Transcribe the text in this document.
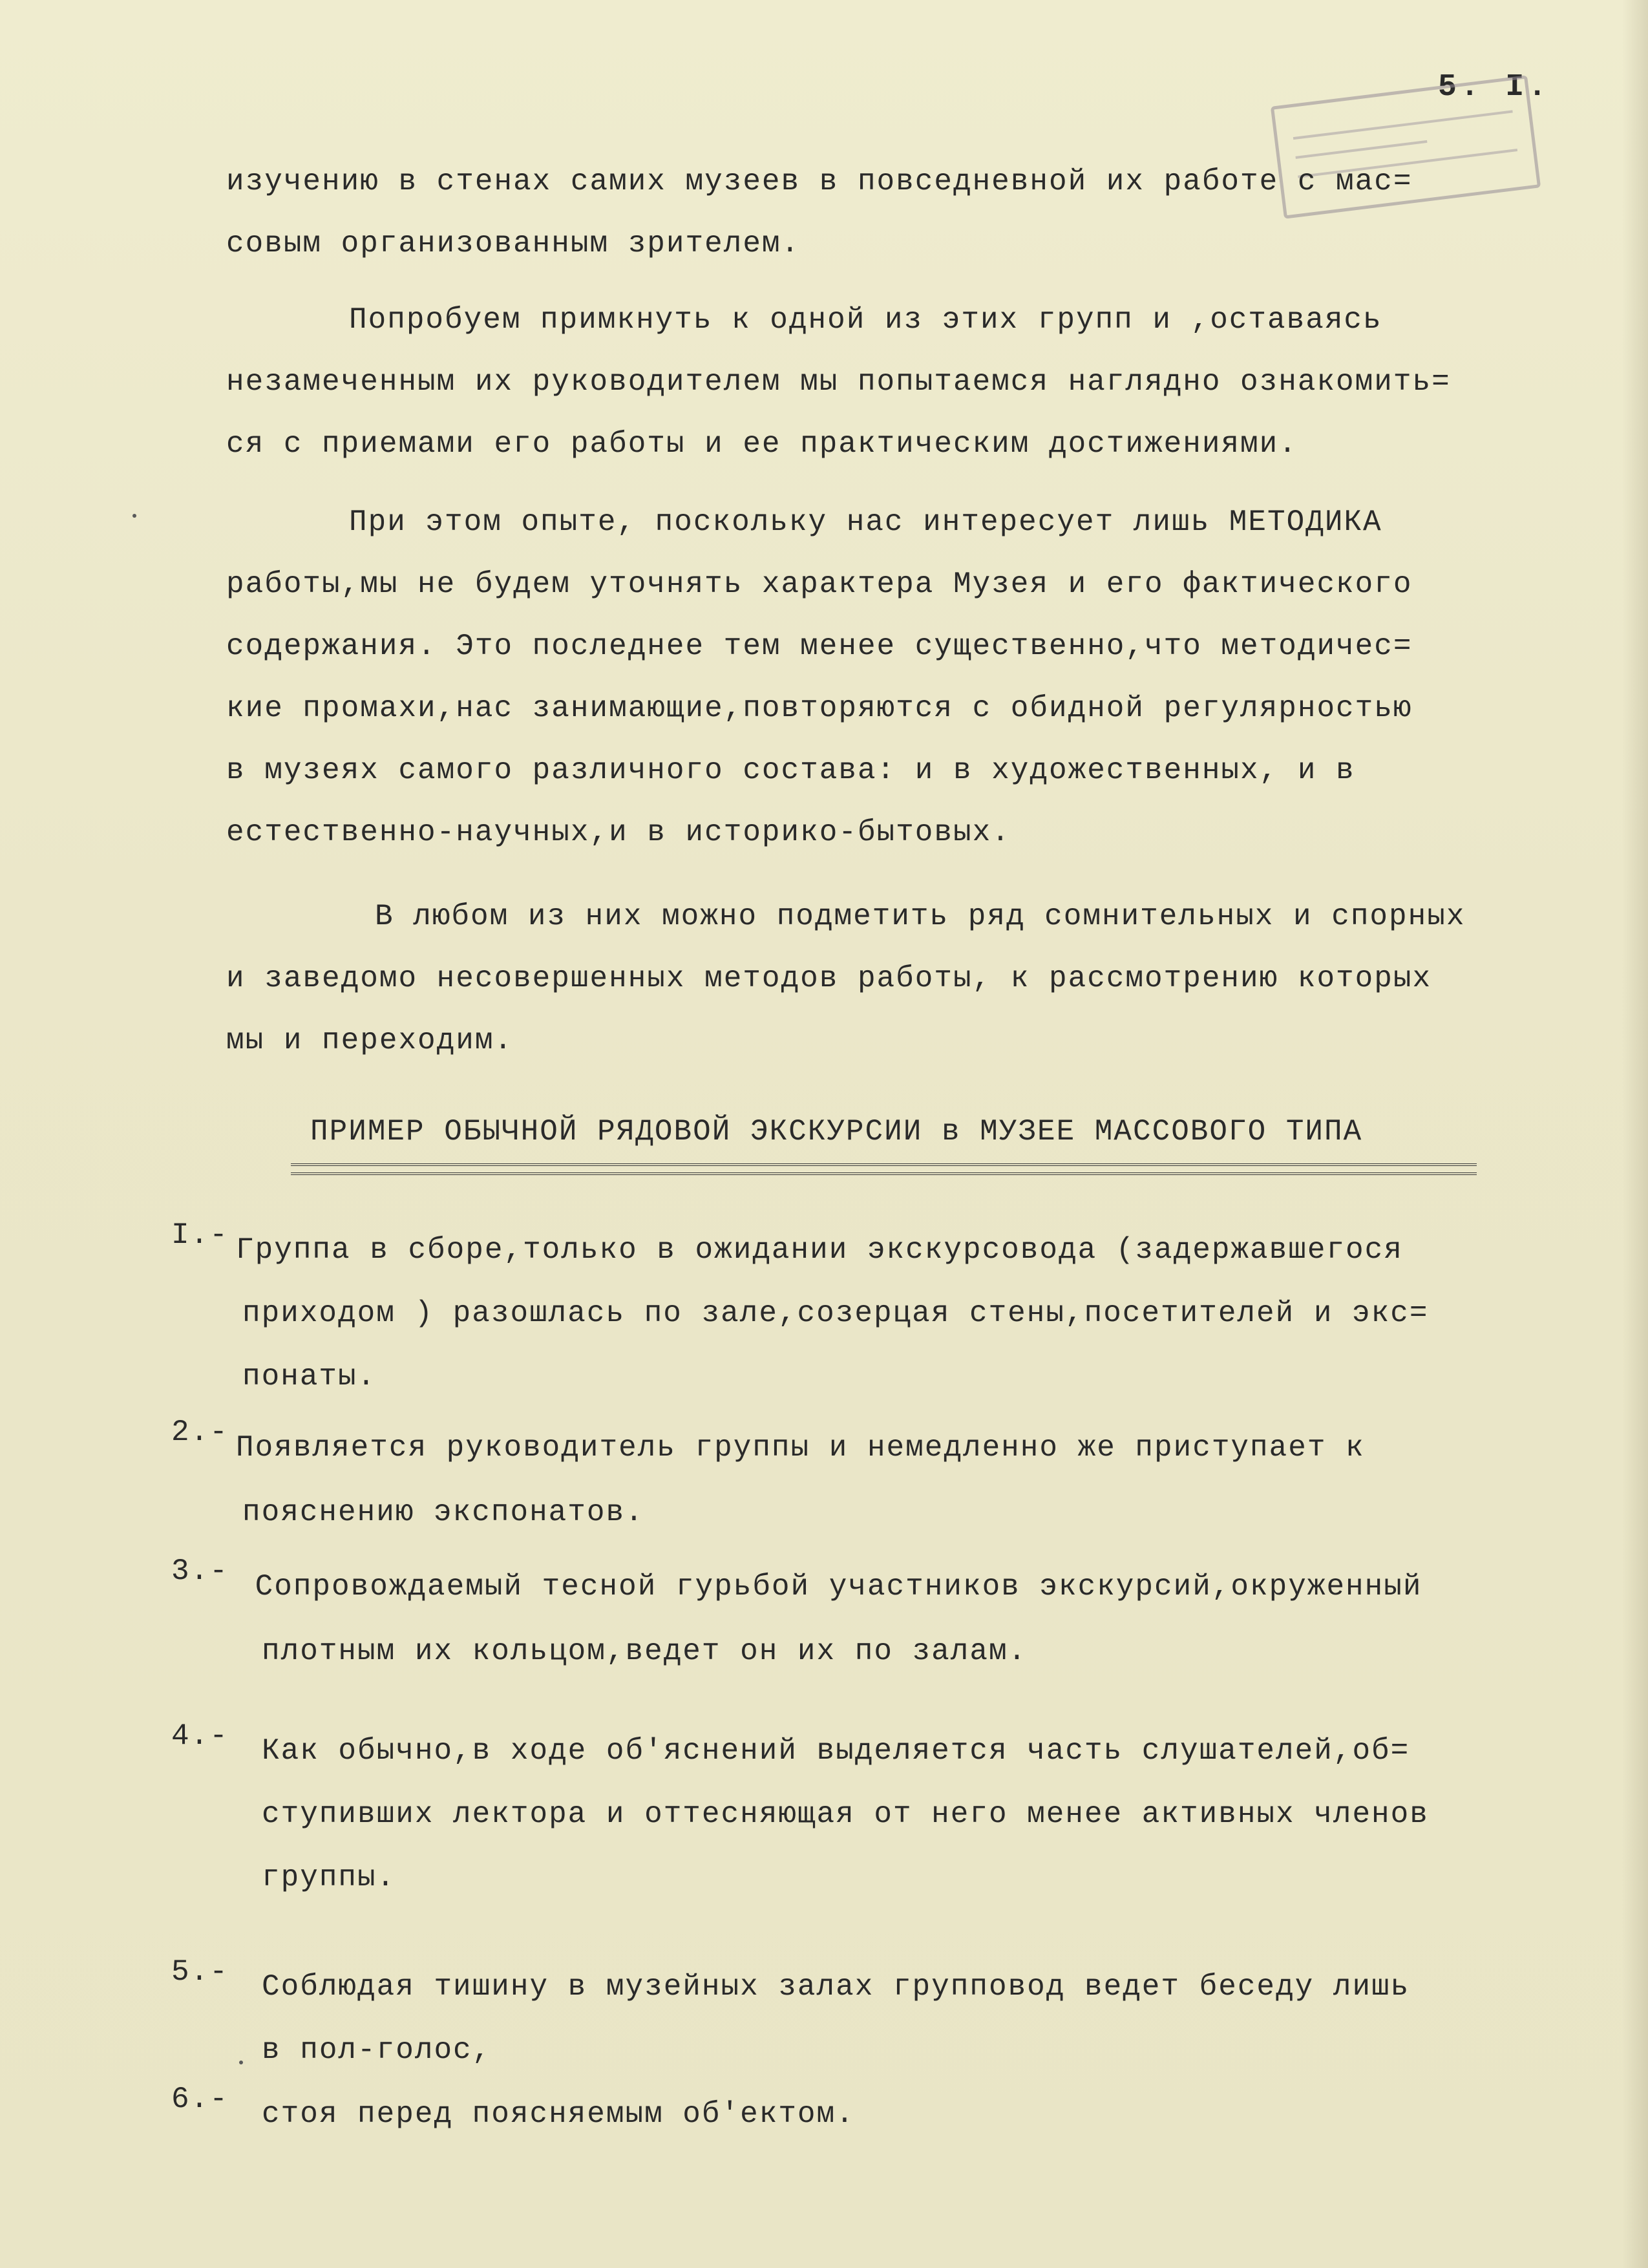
5. I.
изучению в стенах самих музеев в повседневной их работе с мас=
совым организованным зрителем.
Попробуем примкнуть к одной из этих групп и ,оставаясь
незамеченным их руководителем мы попытаемся наглядно ознакомить=
ся с приемами его работы и ее практическим достижениями.
При этом опыте, поскольку нас интересует лишь МЕТОДИКА
работы,мы не будем уточнять характера Музея и его фактического
содержания. Это последнее тем менее существенно,что методичес=
кие промахи,нас занимающие,повторяются с обидной регулярностью
в музеях самого различного состава: и в художественных, и в
естественно-научных,и в историко-бытовых.
В любом из них можно подметить ряд сомнительных и спорных
и заведомо несовершенных методов работы, к рассмотрению которых
мы и переходим.
ПРИМЕР ОБЫЧНОЙ РЯДОВОЙ ЭКСКУРСИИ в МУЗЕЕ МАССОВОГО ТИПА
I.- Группа в сборе,только в ожидании экскурсовода (задержавшегося
приходом ) разошлась по зале,созерцая стены,посетителей и экс=
понаты.
2.- Появляется руководитель группы и немедленно же приступает к
пояснению экспонатов.
3.- Сопровождаемый тесной гурьбой участников экскурсий,окруженный
плотным их кольцом,ведет он их по залам.
4.-	Как обычно,в ходе об'яснений выделяется часть слушателей,об=
ступивших лектора и оттесняющая от него менее активных членов
группы.
5.-	Соблюдая тишину в музейных залах групповод ведет беседу лишь
в пол-голос,
6.-	стоя перед поясняемым об'ектом.
